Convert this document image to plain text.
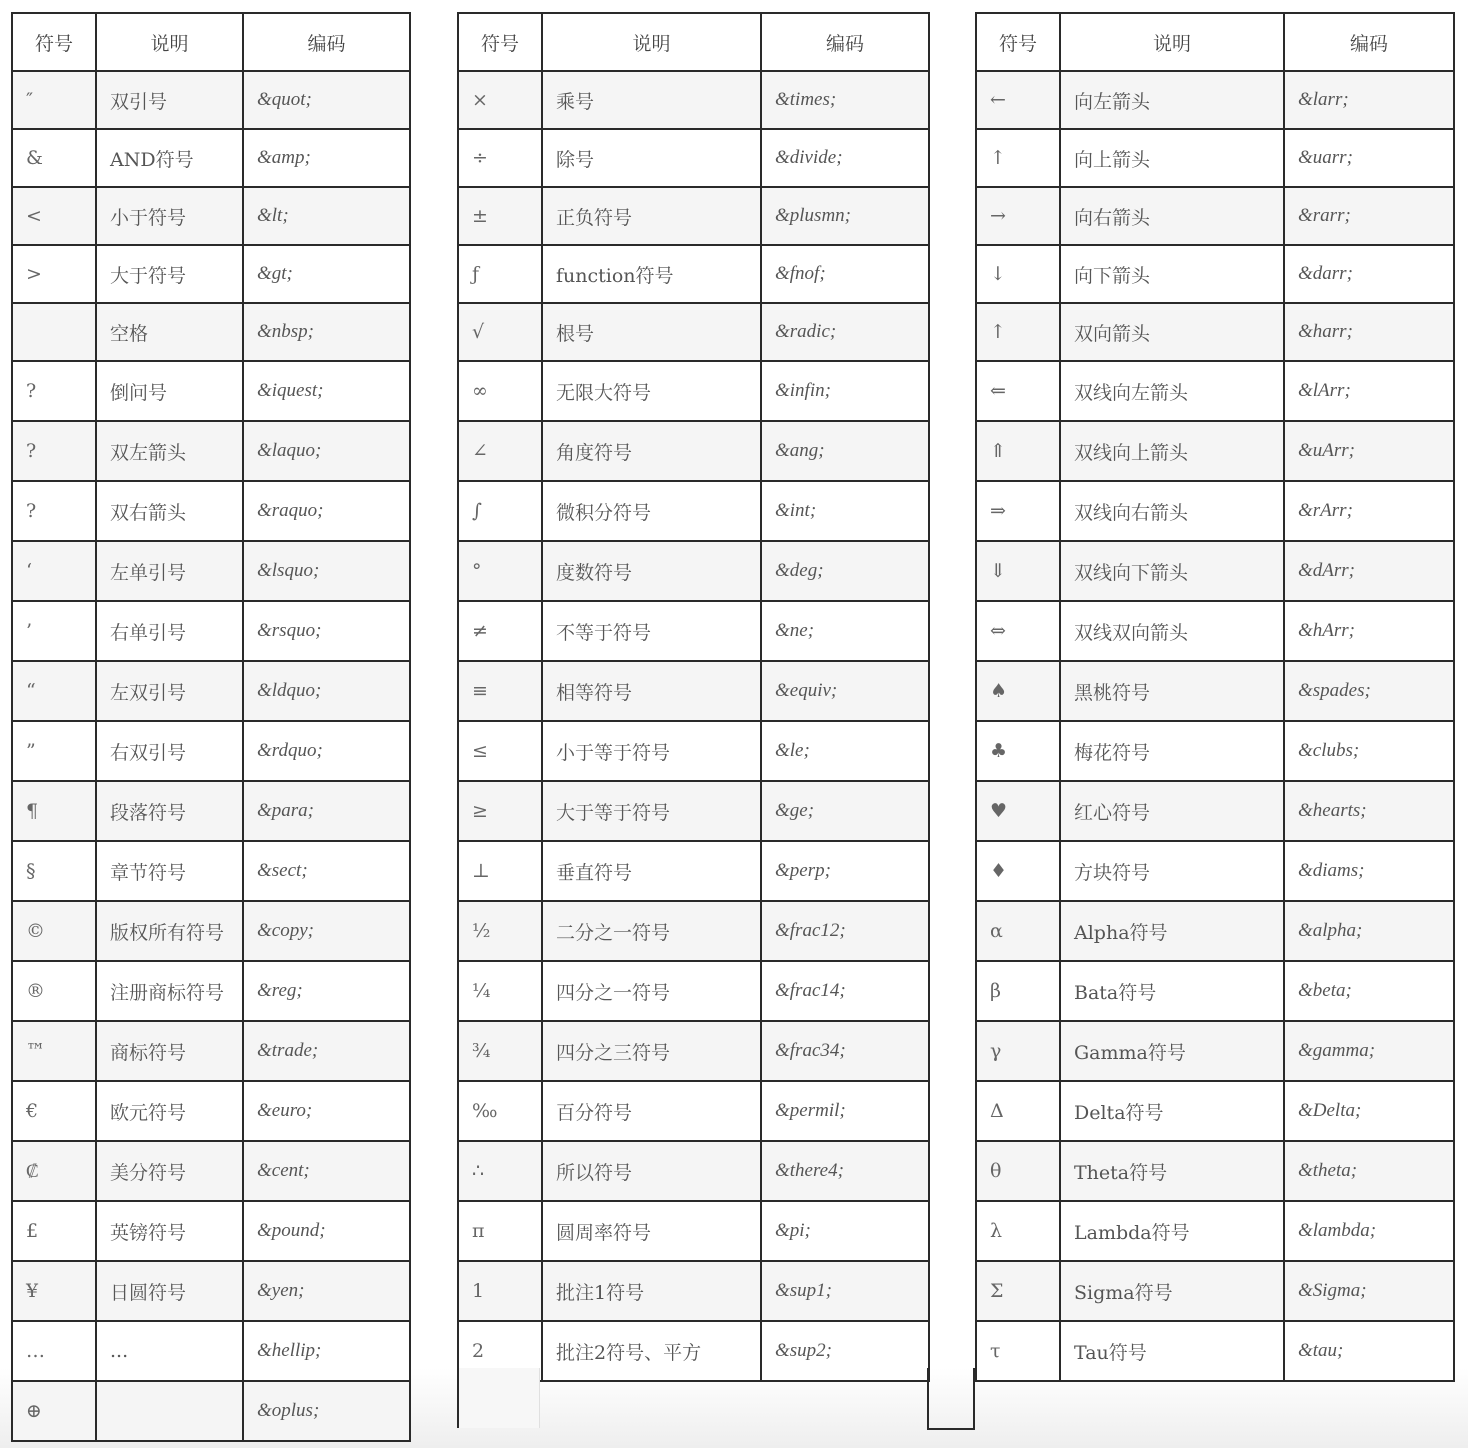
符号	说明	编码
″	双引号	&quot;
&	AND符号	&amp;
<	小于符号	&lt;
>	大于符号	&gt;
	空格	&nbsp;
?	倒问号	&iquest;
?	双左箭头	&laquo;
?	双右箭头	&raquo;
‘	左单引号	&lsquo;
’	右单引号	&rsquo;
“	左双引号	&ldquo;
”	右双引号	&rdquo;
¶	段落符号	&para;
§	章节符号	&sect;
©	版权所有符号	&copy;
®	注册商标符号	&reg;
™	商标符号	&trade;
€	欧元符号	&euro;
₡	美分符号	&cent;
£	英镑符号	&pound;
¥	日圆符号	&yen;
…	...	&hellip;
⊕		&oplus;
符号	说明	编码
×	乘号	&times;
÷	除号	&divide;
±	正负符号	&plusmn;
ƒ	function符号	&fnof;
√	根号	&radic;
∞	无限大符号	&infin;
∠	角度符号	&ang;
∫	微积分符号	&int;
°	度数符号	&deg;
≠	不等于符号	&ne;
≡	相等符号	&equiv;
≤	小于等于符号	&le;
≥	大于等于符号	&ge;
⊥	垂直符号	&perp;
½	二分之一符号	&frac12;
¼	四分之一符号	&frac14;
¾	四分之三符号	&frac34;
‰	百分符号	&permil;
∴	所以符号	&there4;
π	圆周率符号	&pi;
1	批注1符号	&sup1;
2	批注2符号、平方	&sup2;
符号	说明	编码
←	向左箭头	&larr;
↑	向上箭头	&uarr;
→	向右箭头	&rarr;
↓	向下箭头	&darr;
↑	双向箭头	&harr;
⇐	双线向左箭头	&lArr;
⇑	双线向上箭头	&uArr;
⇒	双线向右箭头	&rArr;
⇓	双线向下箭头	&dArr;
⇔	双线双向箭头	&hArr;
♠	黑桃符号	&spades;
♣	梅花符号	&clubs;
♥	红心符号	&hearts;
♦	方块符号	&diams;
α	Alpha符号	&alpha;
β	Bata符号	&beta;
γ	Gamma符号	&gamma;
Δ	Delta符号	&Delta;
θ	Theta符号	&theta;
λ	Lambda符号	&lambda;
Σ	Sigma符号	&Sigma;
τ	Tau符号	&tau;
